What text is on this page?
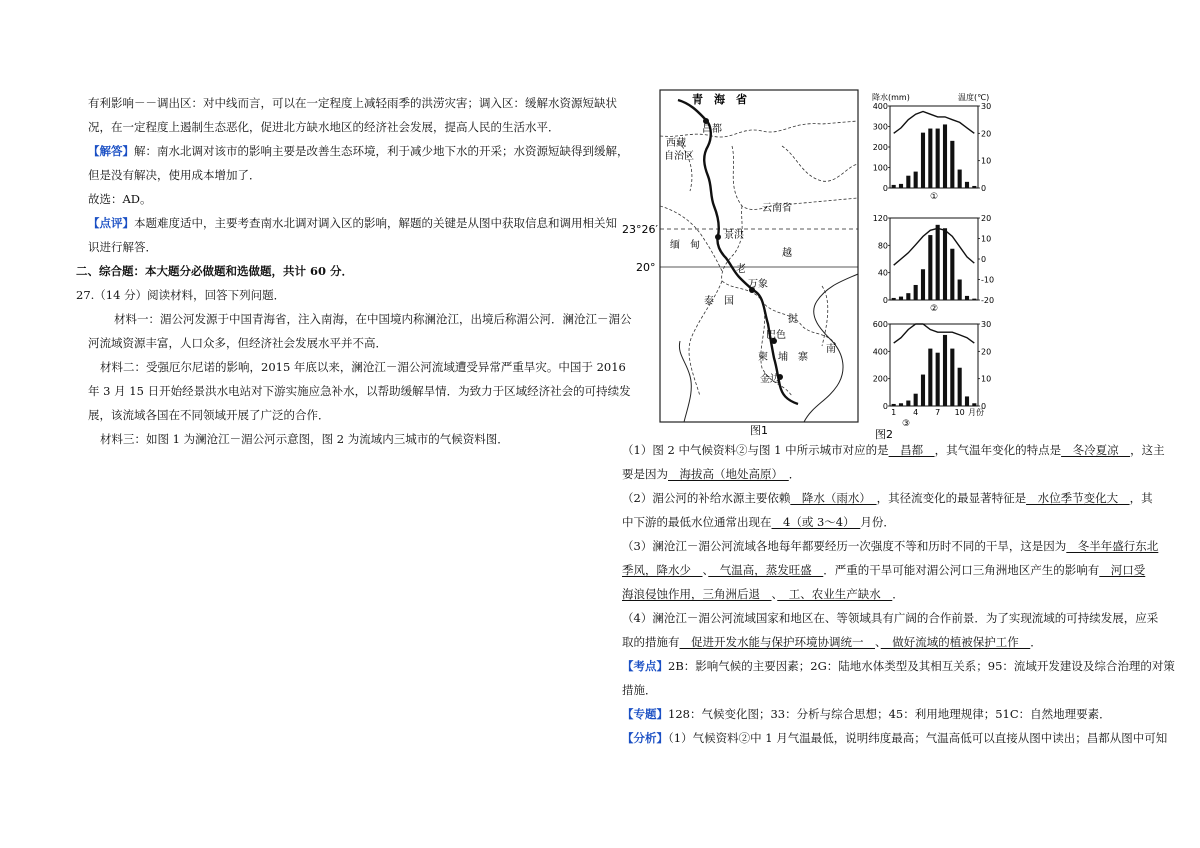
有利影响－－调出区：对中线而言，可以在一定程度上减轻雨季的洪涝灾害；调入区：缓解水资源短缺状
况，在一定程度上遏制生态恶化，促进北方缺水地区的经济社会发展，提高人民的生活水平．
【解答】解：南水北调对该市的影响主要是改善生态环境，利于减少地下水的开采；水资源短缺得到缓解，
但是没有解决，使用成本增加了．
故选：AD。
【点评】本题难度适中，主要考查南水北调对调入区的影响，解题的关键是从图中获取信息和调用相关知
识进行解答．
二、综合题：本大题分必做题和选做题，共计 60 分．
27.（14 分）阅读材料，回答下列问题．
材料一：湄公河发源于中国青海省，注入南海，在中国境内称澜沧江，出境后称湄公河．澜沧江－湄公
河流域资源丰富，人口众多，但经济社会发展水平并不高．
材料二：受强厄尔尼诺的影响，2015 年底以来，澜沧江－湄公河流域遭受异常严重旱灾。中国于 2016
年 3 月 15 日开始经景洪水电站对下游实施应急补水，以帮助缓解旱情．为致力于区域经济社会的可持续发
展，该流域各国在不同领域开展了广泛的合作．
材料三：如图 1 为澜沧江－湄公河示意图，图 2 为流域内三城市的气候资料图．
青　海　省
昌都
西藏
自治区
云南省
23°26′
20°
景洪
缅　甸
越
老
万象
挝
泰　国
巴色
柬 埔 寨
南
金边
图1
降水(mm)	温度(℃)
400
300
200
100
0
30
20
10
0
①
120
80
40
0
20
10
0
-10
-20
②
600
400
200
0
30
20
10
0
1 4 7 10 月份
③
图2
（1）图 2 中气候资料②与图 1 中所示城市对应的是　昌都　，其气温年变化的特点是　冬冷夏凉　，这主
要是因为　海拔高（地处高原）　．
（2）湄公河的补给水源主要依赖　降水（雨水）　，其径流变化的最显著特征是　水位季节变化大　，其
中下游的最低水位通常出现在　4（或 3～4）　月份．
（3）澜沧江－湄公河流域各地每年都要经历一次强度不等和历时不同的干旱，这是因为　冬半年盛行东北
季风，降水少　、　气温高，蒸发旺盛　．严重的干旱可能对湄公河口三角洲地区产生的影响有　河口受
海浪侵蚀作用，三角洲后退　、　工、农业生产缺水　．
（4）澜沧江－湄公河流域国家和地区在、等领域具有广阔的合作前景．为了实现流域的可持续发展，应采
取的措施有　促进开发水能与保护环境协调统一　、　做好流域的植被保护工作　．
【考点】2B：影响气候的主要因素；2G：陆地水体类型及其相互关系；95：流域开发建设及综合治理的对策
措施．
【专题】128：气候变化图；33：分析与综合思想；45：利用地理规律；51C：自然地理要素．
【分析】（1）气候资料②中 1 月气温最低，说明纬度最高；气温高低可以直接从图中读出；昌都从图中可知
